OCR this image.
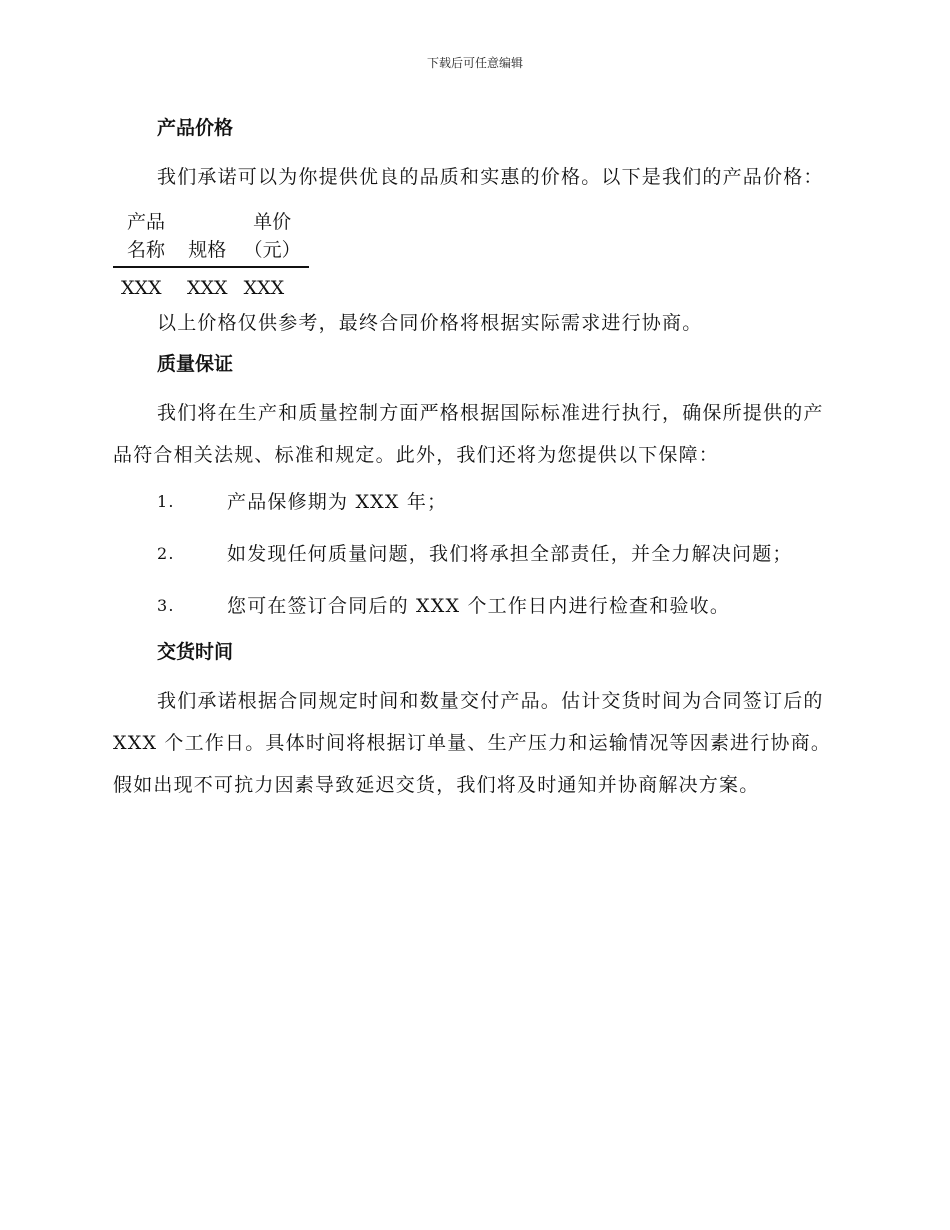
下载后可任意编辑
产品价格

我们承诺可以为你提供优良的品质和实惠的价格。以下是我们的产品价格：

产品名称	规格	单价（元）
XXX	XXX	XXX

以上价格仅供参考，最终合同价格将根据实际需求进行协商。

质量保证

我们将在生产和质量控制方面严格根据国际标准进行执行，确保所提供的产品符合相关法规、标准和规定。此外，我们还将为您提供以下保障：

1.	产品保修期为 XXX 年；
2.	如发现任何质量问题，我们将承担全部责任，并全力解决问题；
3.	您可在签订合同后的 XXX 个工作日内进行检查和验收。
交货时间

我们承诺根据合同规定时间和数量交付产品。估计交货时间为合同签订后的 XXX 个工作日。具体时间将根据订单量、生产压力和运输情况等因素进行协商。假如出现不可抗力因素导致延迟交货，我们将及时通知并协商解决方案。
